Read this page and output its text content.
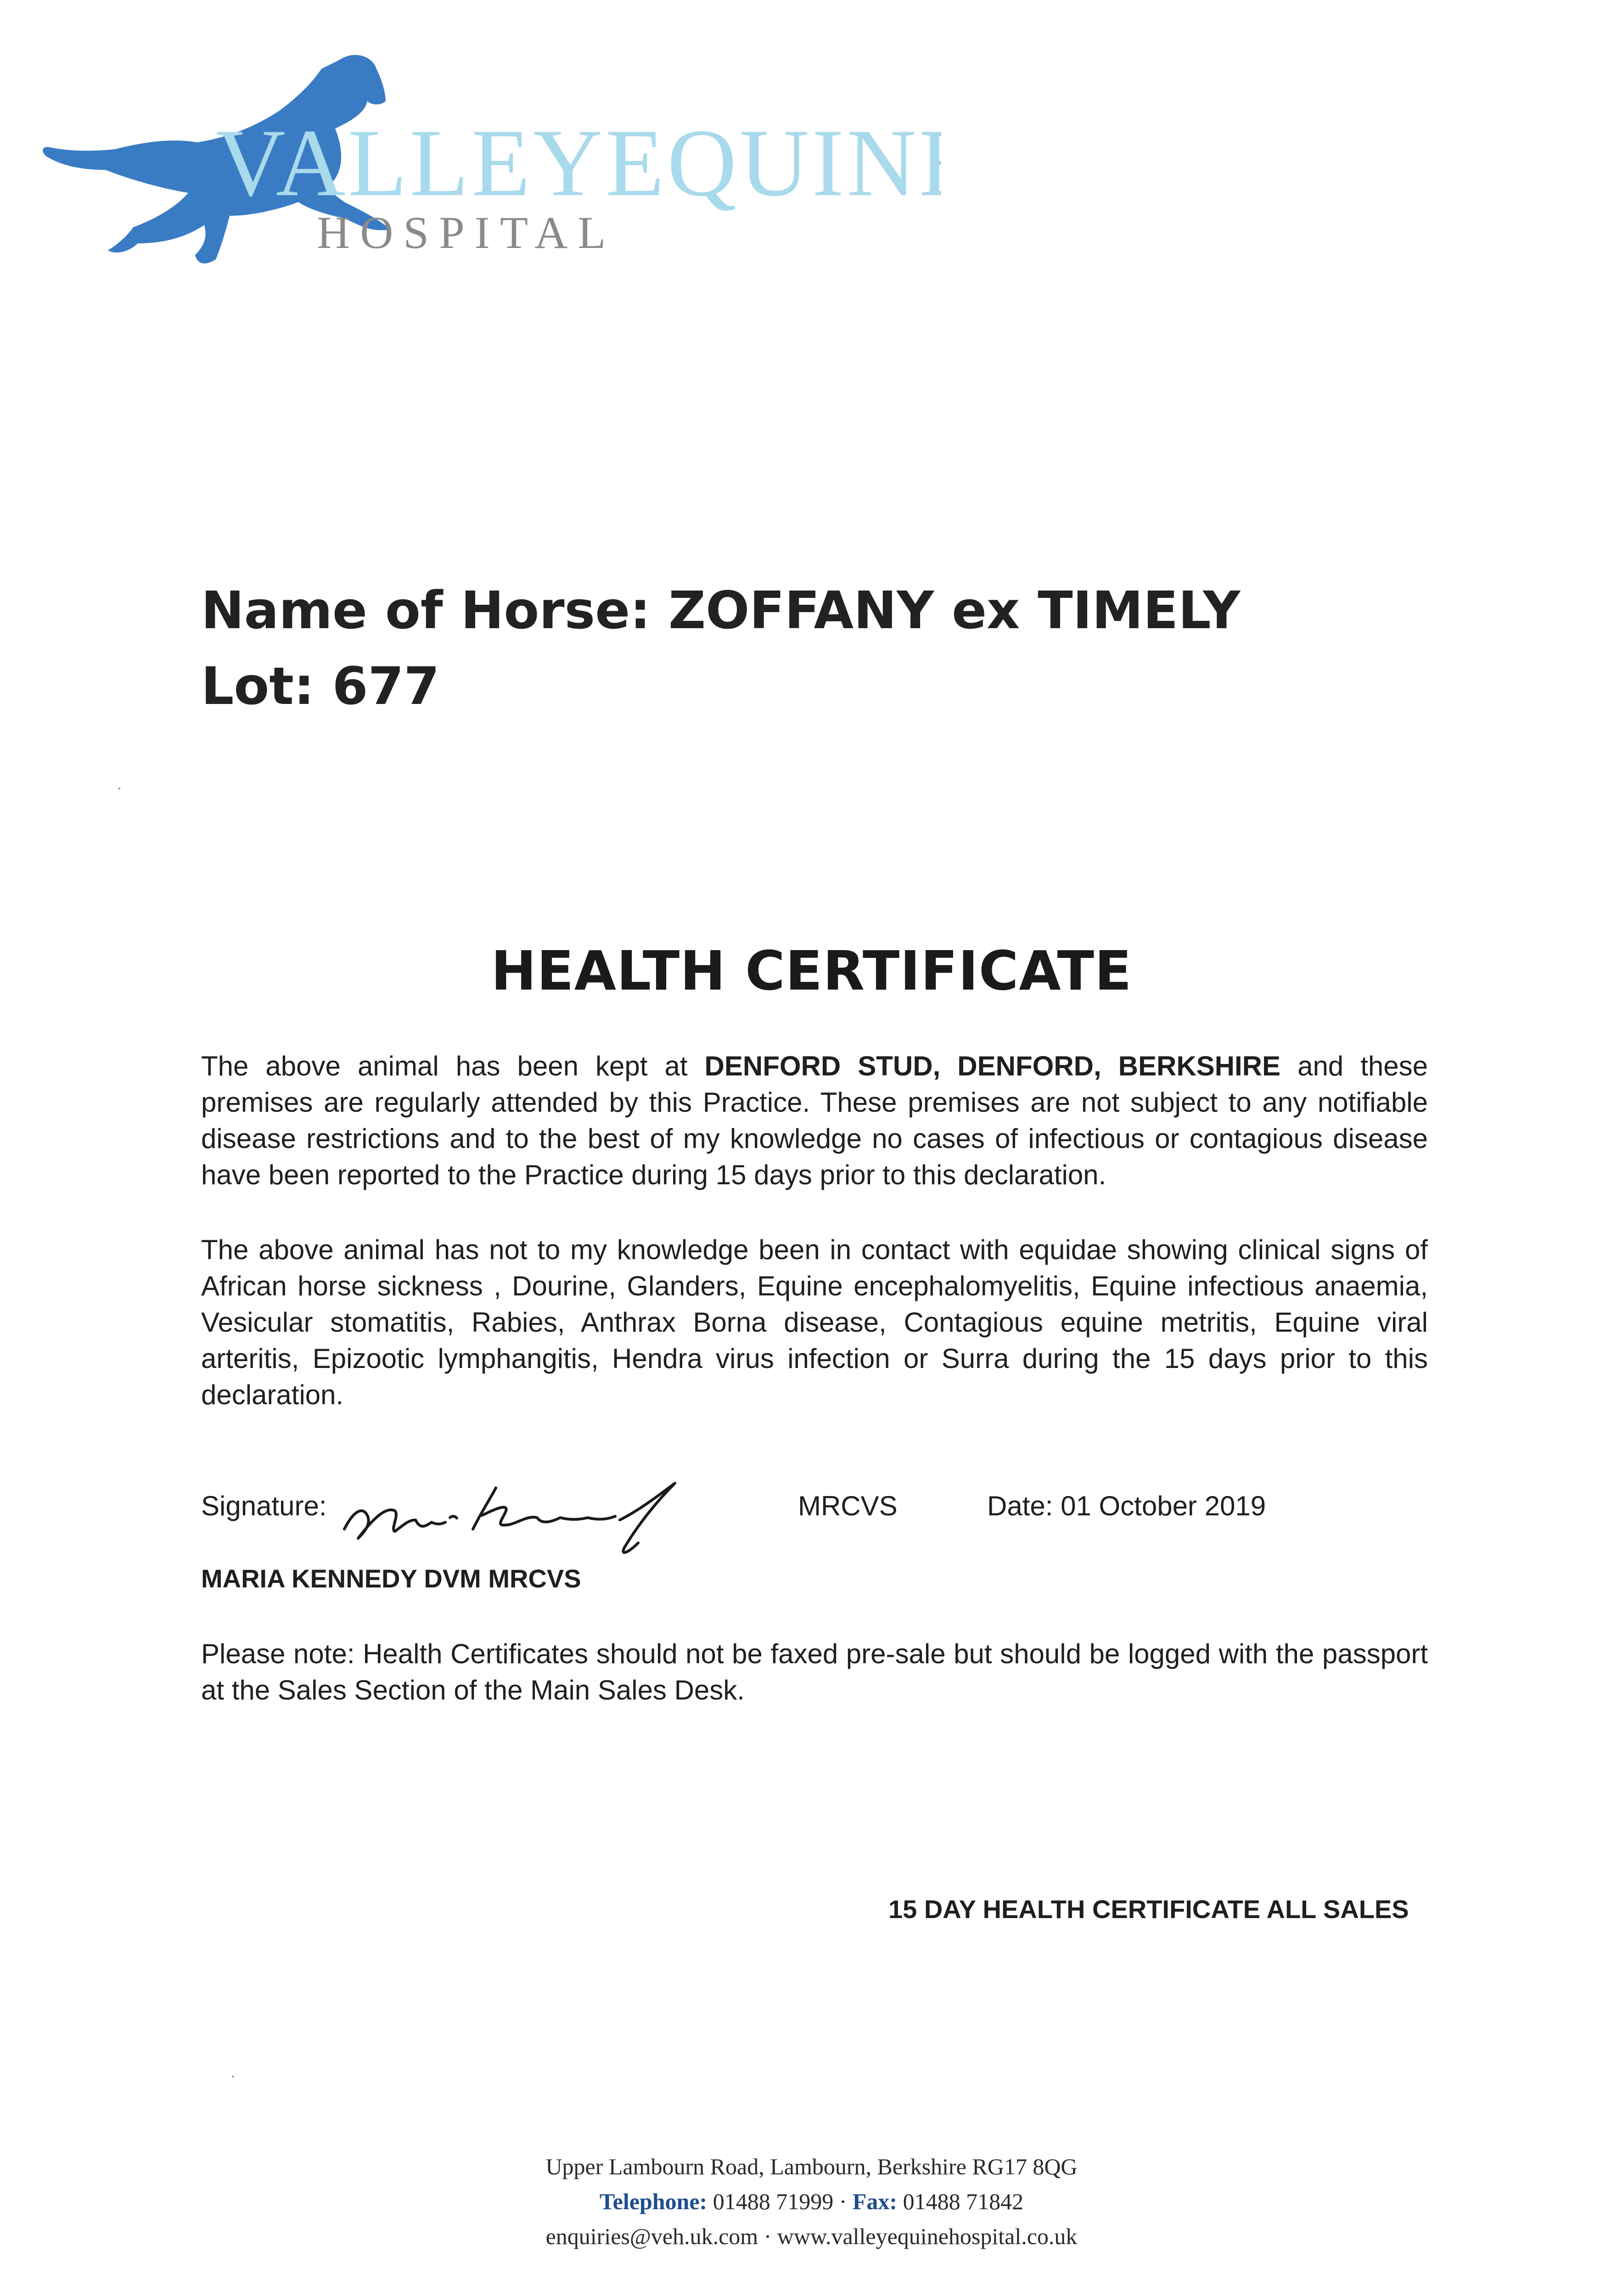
VALLEYEQUINE
HOSPITAL
Name of Horse: ZOFFANY ex TIMELY
Lot: 677
HEALTH CERTIFICATE

The above animal has been kept at DENFORD STUD, DENFORD, BERKSHIRE and these premises are regularly attended by this Practice. These premises are not subject to any notifiable disease restrictions and to the best of my knowledge no cases of infectious or contagious disease have been reported to the Practice during 15 days prior to this declaration.

The above animal has not to my knowledge been in contact with equidae showing clinical signs of African horse sickness , Dourine, Glanders, Equine encephalomyelitis, Equine infectious anaemia, Vesicular stomatitis, Rabies, Anthrax Borna disease, Contagious equine metritis, Equine viral arteritis, Epizootic lymphangitis, Hendra virus infection or Surra during the 15 days prior to this declaration.

Signature:	MRCVS	Date: 01 October 2019
MARIA KENNEDY DVM MRCVS

Please note: Health Certificates should not be faxed pre-sale but should be logged with the passport at the Sales Section of the Main Sales Desk.

15 DAY HEALTH CERTIFICATE ALL SALES
Upper Lambourn Road, Lambourn, Berkshire RG17 8QG
Telephone: 01488 71999 · Fax: 01488 71842
enquiries@veh.uk.com · www.valleyequinehospital.co.uk
